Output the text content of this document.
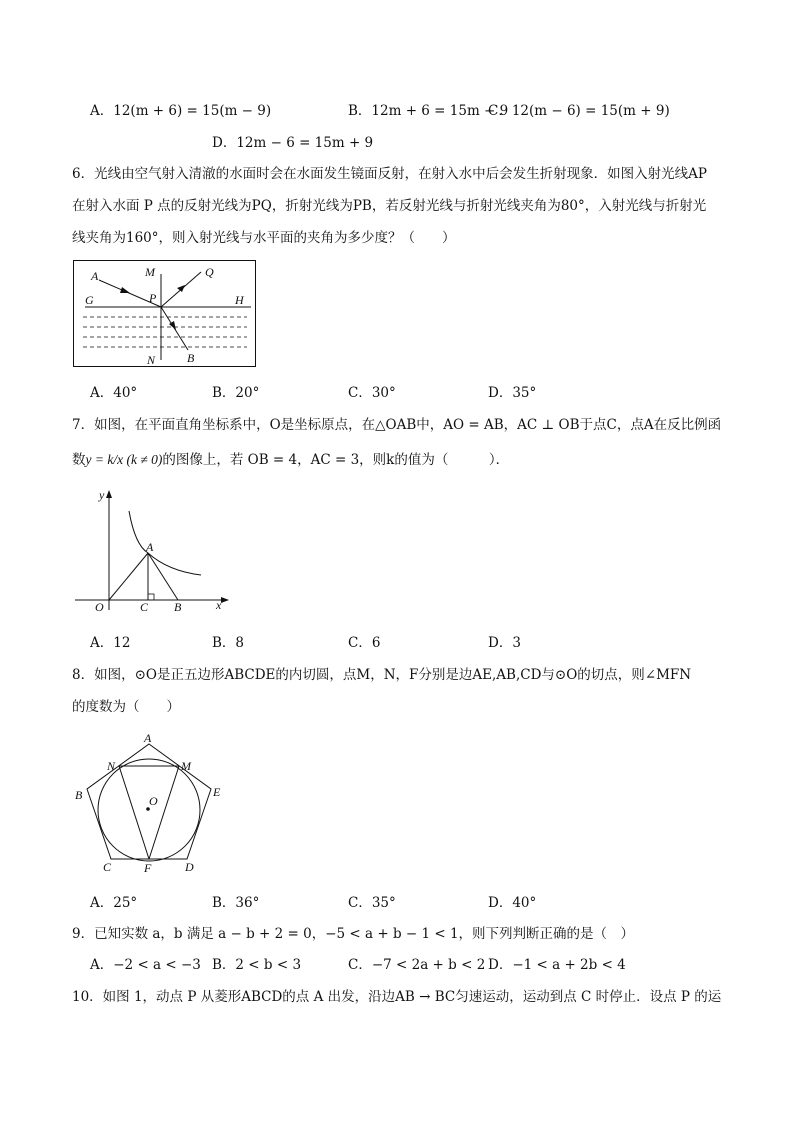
A．12(m + 6) = 15(m − 9)	B．12m + 6 = 15m − 9
C．12(m − 6) = 15(m + 9)
D．12m − 6 = 15m + 9
6．光线由空气射入清澈的水面时会在水面发生镜面反射，在射入水中后会发生折射现象．如图入射光线AP
在射入水面 P 点的反射光线为PQ，折射光线为PB，若反射光线与折射光线夹角为80°，入射光线与折射光
线夹角为160°，则入射光线与水平面的夹角为多少度？（　　）
A	M	Q
G	P	H
N	B
A．40°	B．20°	C．30°	D．35°
7．如图，在平面直角坐标系中，O是坐标原点，在△OAB中，AO = AB，AC ⊥ OB于点C，点A在反比例函
数y = k/x (k ≠ 0)的图像上，若 OB = 4，AC = 3，则k的值为（　　　）．
y
A
O	C B	x
A．12	B．8	C．6	D．3
8．如图，⊙O是正五边形ABCDE的内切圆，点M，N，F分别是边AE,AB,CD与⊙O的切点，则∠MFN
的度数为（　　）
A
N	M
B	E
O
C	F	D
A．25°	B．36°	C．35°	D．40°
9．已知实数 a，b 满足 a − b + 2 = 0，−5 < a + b − 1 < 1，则下列判断正确的是（　）
A．−2 < a < −3 B．2 < b < 3	C．−7 < 2a + b < 2 D．−1 < a + 2b < 4
10．如图 1，动点 P 从菱形ABCD的点 A 出发，沿边AB → BC匀速运动，运动到点 C 时停止．设点 P 的运
